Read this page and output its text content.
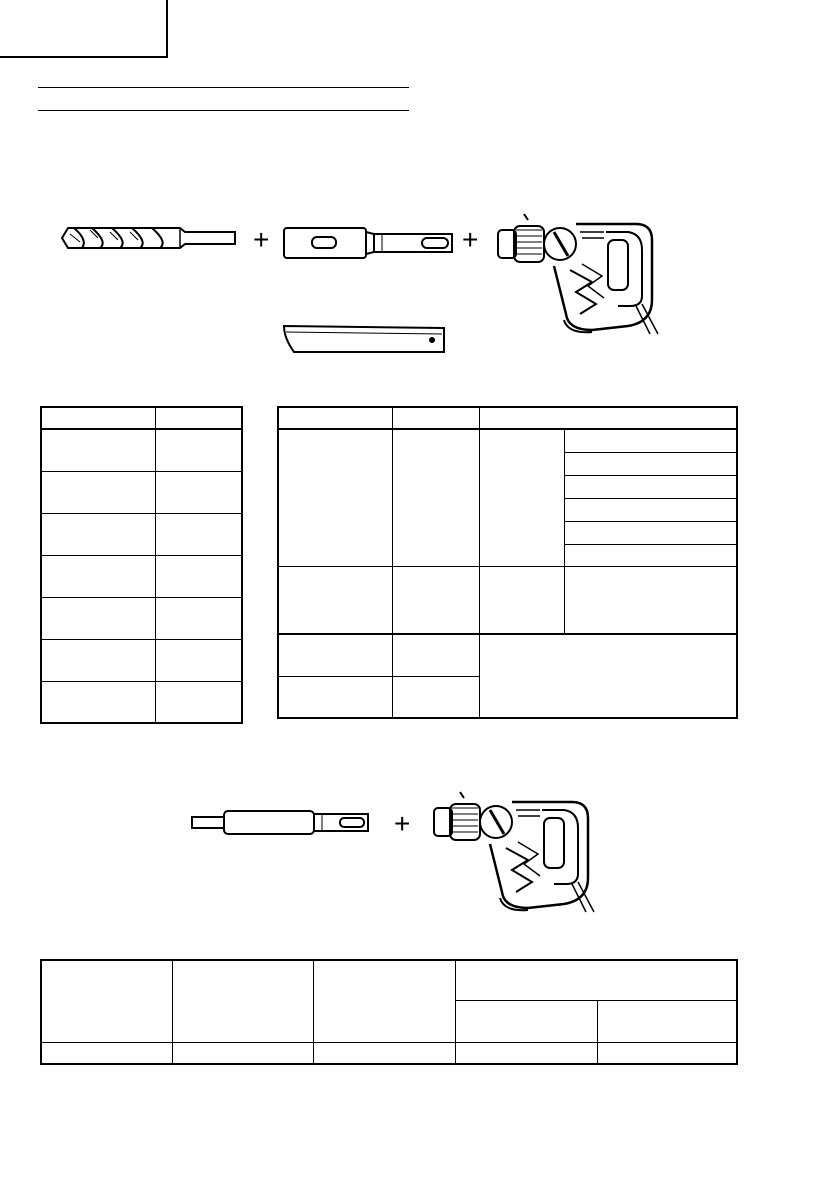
+	+

+
